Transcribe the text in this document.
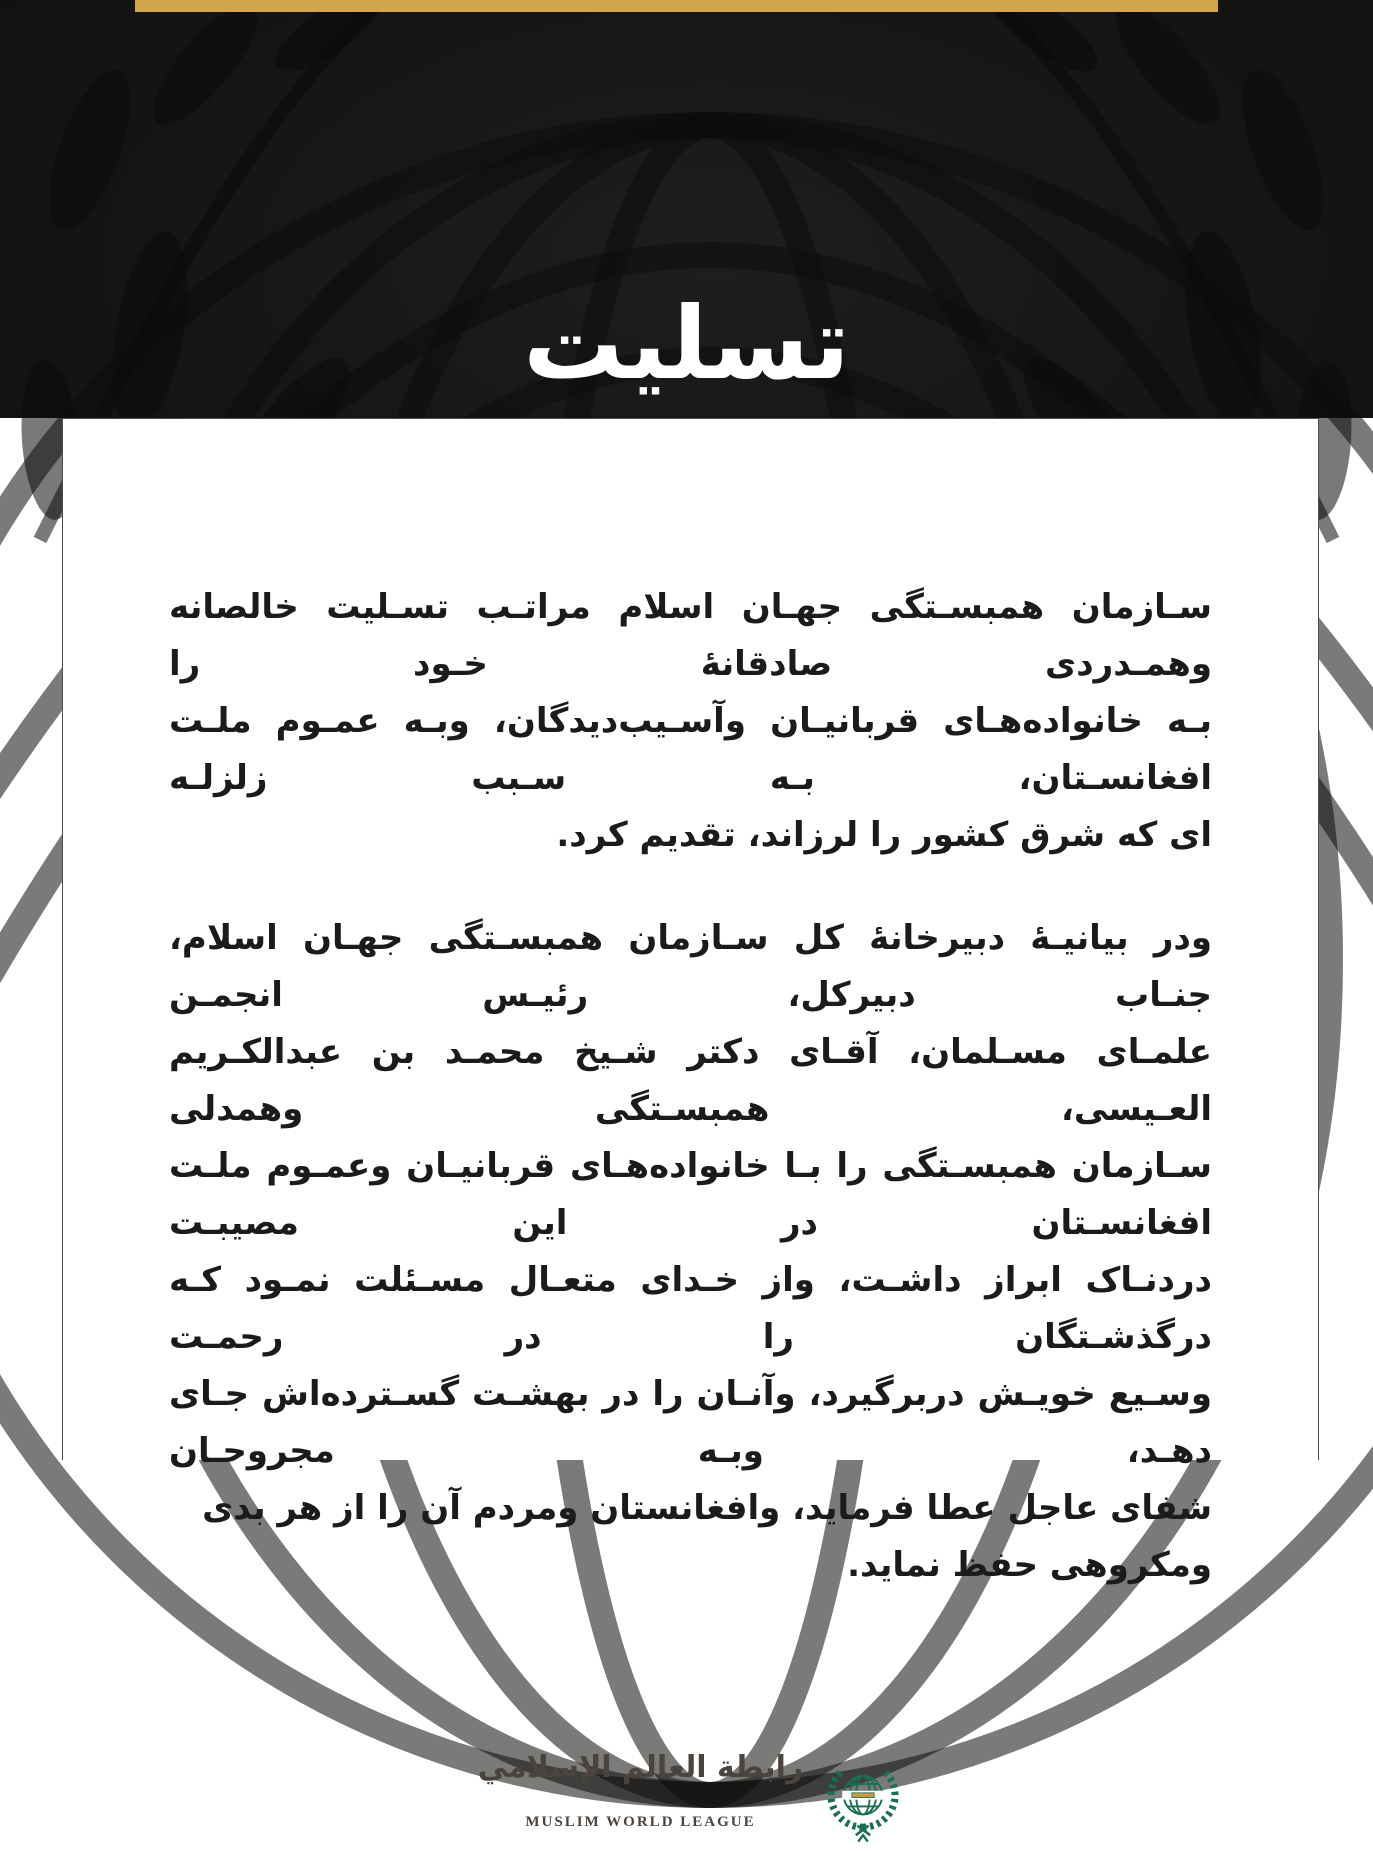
تسلیت
سـازمان همبسـتگی جهـان اسلام مراتـب تسـلیت خالصانه وهمـدردی صادقانۀ خـود را
بـه خانواده‌هـای قربانیـان وآسـیب‌دیدگان، وبـه عمـوم ملـت افغانسـتان، بـه سـبب زلزلـه
ای که شرق کشور را لرزاند، تقدیم کرد.
ودر بیانیـۀ دبیرخانۀ کل سـازمان همبسـتگی جهـان اسلام، جنـاب دبیرکل، رئیـس انجمـن
علمـای مسـلمان، آقـای دکتر شـیخ محمـد بن عبدالکـریم العـیسی، همبسـتگی وهمدلی
سـازمان همبسـتگی را بـا خانواده‌هـای قربانیـان وعمـوم ملـت افغانسـتان در این مصیبـت
دردنـاک ابراز داشـت، واز خـدای متعـال مسـئلت نمـود کـه درگذشـتگان را در رحمـت
وسـیع خویـش دربرگیرد، وآنـان را در بهشـت گسـترده‌اش جـای دهـد، وبـه مجروحـان
شفای عاجل عطا فرماید، وافغانستان ومردم آن را از هر بدی ومکروهی حفظ نماید.
رابطة العالم الإسلامي
MUSLIM WORLD LEAGUE
